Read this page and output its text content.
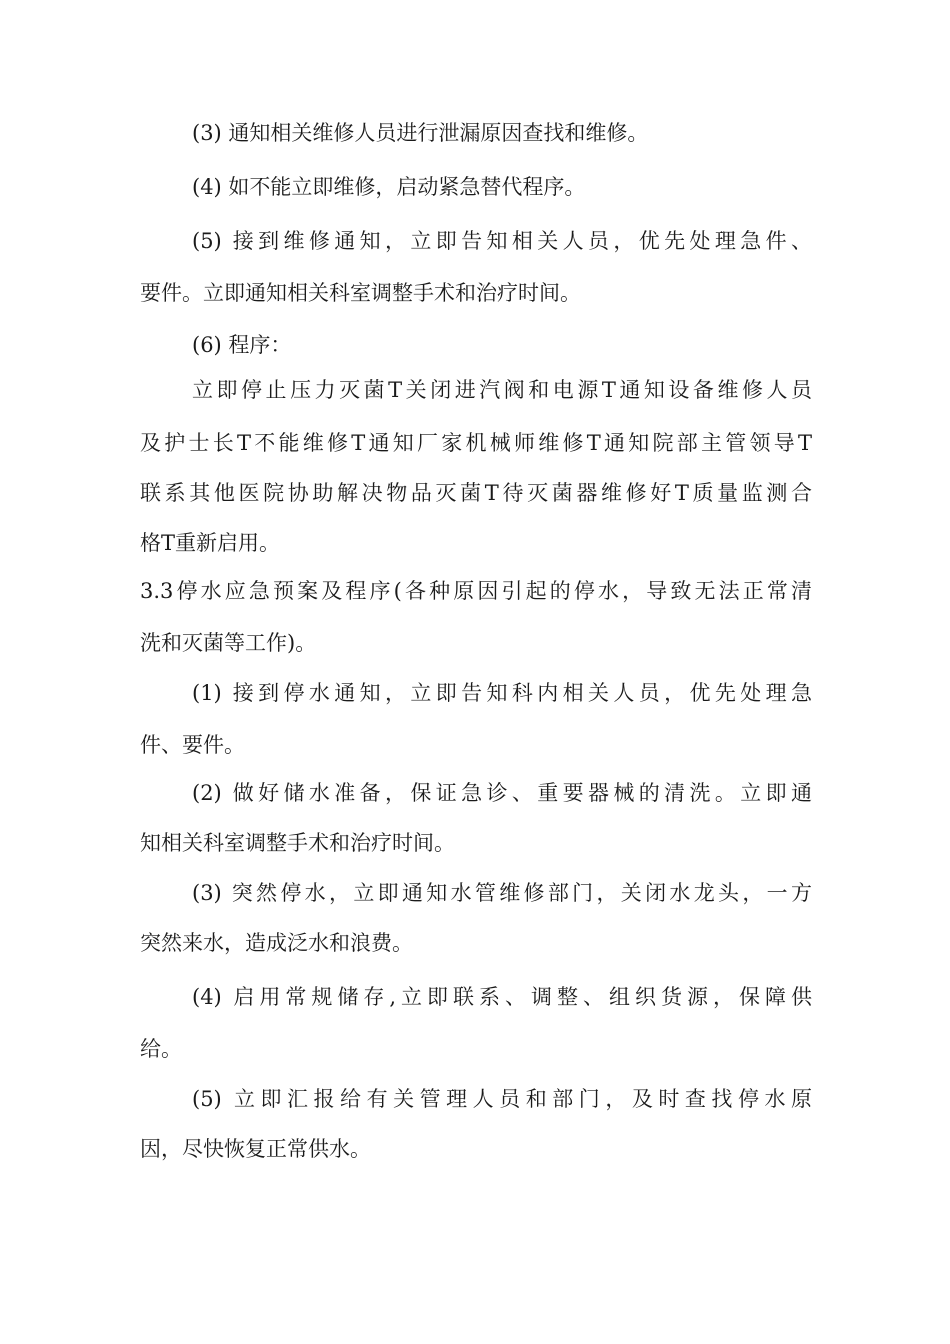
(3) 通知相关维修人员进行泄漏原因查找和维修。
(4) 如不能立即维修，启动紧急替代程序。
(5) 接到维修通知，立即告知相关人员，优先处理急件、
要件。立即通知相关科室调整手术和治疗时间。
(6) 程序：
立即停止压力灭菌T关闭进汽阀和电源T通知设备维修人员
及护士长T不能维修T通知厂家机械师维修T通知院部主管领导T
联系其他医院协助解决物品灭菌T待灭菌器维修好T质量监测合
格T重新启用。
3.3停水应急预案及程序(各种原因引起的停水，导致无法正常清
洗和灭菌等工作)。
(1) 接到停水通知，立即告知科内相关人员，优先处理急
件、要件。
(2) 做好储水准备，保证急诊、重要器械的清洗。立即通
知相关科室调整手术和治疗时间。
(3) 突然停水，立即通知水管维修部门，关闭水龙头，一方
突然来水，造成泛水和浪费。
(4) 启用常规储存,立即联系、调整、组织货源，保障供
给。
(5) 立即汇报给有关管理人员和部门，及时查找停水原
因，尽快恢复正常供水。
